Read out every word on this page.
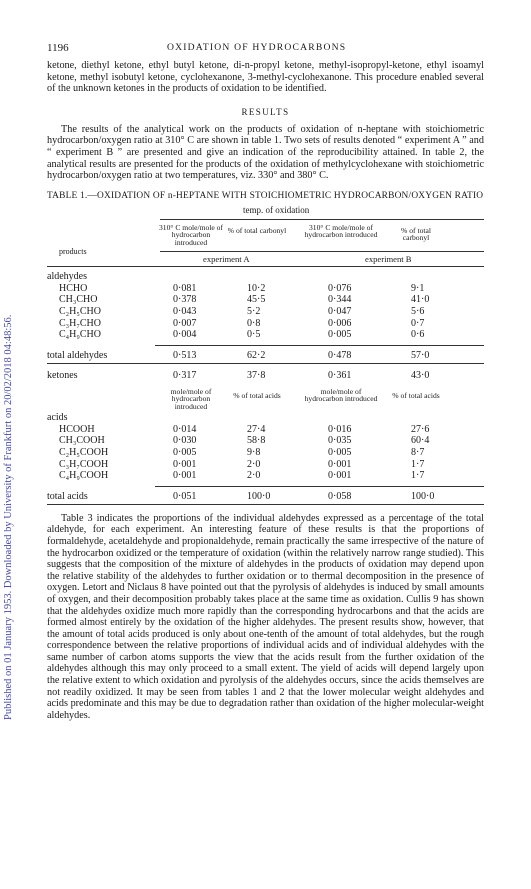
Published on 01 January 1953. Downloaded by University of Frankfurt on 20/02/2018 04:48:56.
1196	OXIDATION OF HYDROCARBONS

ketone, diethyl ketone, ethyl butyl ketone, di-n-propyl ketone, methyl-isopropyl-ketone, ethyl isoamyl ketone, methyl isobutyl ketone, cyclohexanone, 3-methyl-cyclohexanone. This procedure enabled several of the unknown ketones in the products of oxidation to be identified.

RESULTS

The results of the analytical work on the products of oxidation of n-heptane with stoichiometric hydrocarbon/oxygen ratio at 310° C are shown in table 1. Two sets of results denoted “ experiment A ” and “ experiment B ” are presented and give an indication of the reproducibility attained. In table 2, the analytical results are presented for the products of the oxidation of methylcyclohexane with stoichiometric hydrocarbon/oxygen ratio at two temperatures, viz. 330° and 380° C.

TABLE 1.—OXIDATION OF n-HEPTANE WITH STOICHIOMETRIC HYDROCARBON/OXYGEN RATIO
temp. of oxidation
310° C mole/mole of hydrocarbon introduced
% of total carbonyl	310° C mole/mole of hydrocarbon introduced
% of total carbonyl
products
experiment A	experiment B
aldehydes
mole/mole of hydrocarbon introduced
% of total acids	mole/mole of hydrocarbon introduced	% of total acids
acids
HCHO	0·081	10·2	0·076	9·1
CH₃CHO	0·378	45·5	0·344	41·0
C₂H₅CHO	0·043	5·2	0·047	5·6
C₃H₇CHO	0·007	0·8	0·006	0·7
C₄H₉CHO	0·004	0·5	0·005	0·6
total aldehydes	0·513	62·2	0·478	57·0
ketones	0·317	37·8	0·361	43·0
HCOOH	0·014	27·4	0·016	27·6
CH₃COOH	0·030	58·8	0·035	60·4
C₂H₅COOH	0·005	9·8	0·005	8·7
C₃H₇COOH	0·001	2·0	0·001	1·7
C₄H₉COOH	0·001	2·0	0·001	1·7
total acids	0·051	100·0	0·058	100·0

Table 3 indicates the proportions of the individual aldehydes expressed as a percentage of the total aldehyde, for each experiment. An interesting feature of these results is that the proportions of formaldehyde, acetaldehyde and propionaldehyde, remain practically the same irrespective of the nature of the hydrocarbon oxidized or the temperature of oxidation (within the relatively narrow range studied). This suggests that the composition of the mixture of aldehydes in the products of oxidation may depend upon the relative stability of the aldehydes to further oxidation or to thermal decomposition in the presence of oxygen. Letort and Niclaus 8 have pointed out that the pyrolysis of aldehydes is induced by small amounts of oxygen, and their decomposition probably takes place at the same time as oxidation. Cullis 9 has shown that the aldehydes oxidize much more rapidly than the corresponding hydrocarbons and that the acids are formed almost entirely by the oxidation of the higher aldehydes. The present results show, however, that the amount of total acids produced is only about one-tenth of the amount of total aldehydes, but the rough correspondence between the relative proportions of individual acids and of individual aldehydes with the same number of carbon atoms supports the view that the acids result from the further oxidation of the aldehydes although this may only proceed to a small extent. The yield of acids will depend largely upon the relative extent to which oxidation and pyrolysis of the aldehydes occurs, since the acids themselves are not readily oxidized. It may be seen from tables 1 and 2 that the lower molecular weight aldehydes and acids predominate and this may be due to degradation rather than oxidation of the higher molecular-weight aldehydes.
